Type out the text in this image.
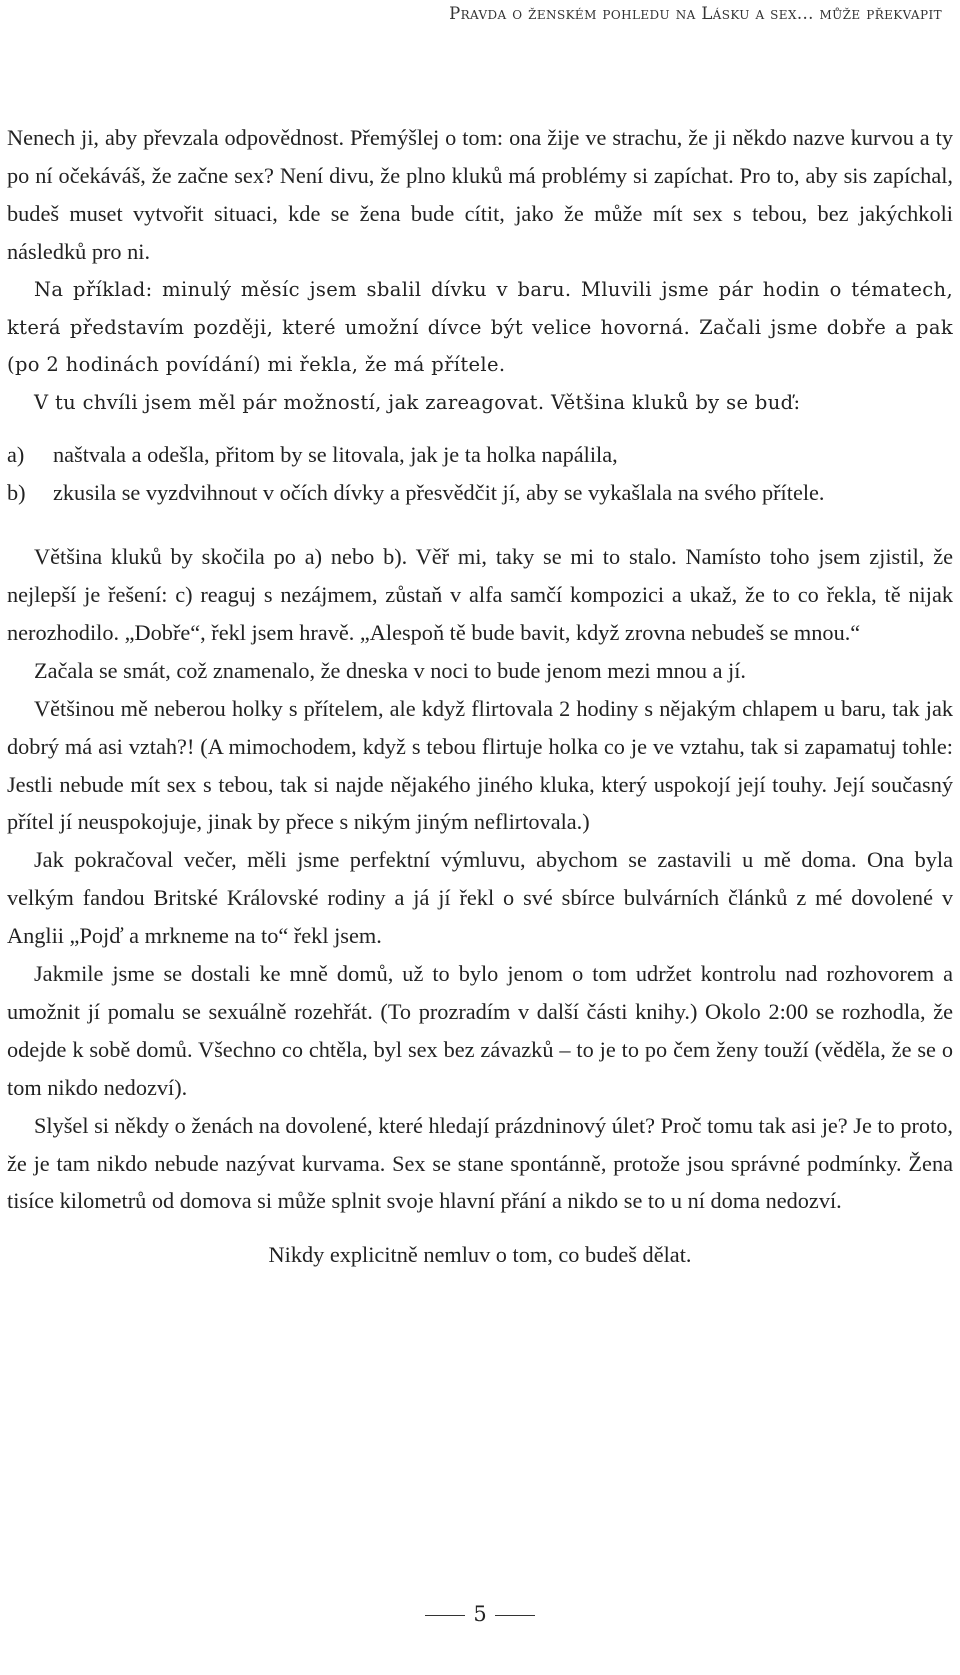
Pravda o ženském pohledu na Lásku a sex... může překvapit

Nenech ji, aby převzala odpovědnost. Přemýšlej o tom: ona žije ve strachu, že ji někdo nazve kurvou a ty po ní očekáváš, že začne sex? Není divu, že plno kluků má problémy si zapíchat. Pro to, aby sis zapíchal, budeš muset vytvořit situaci, kde se žena bude cítit, jako že může mít sex s tebou, bez jakýchkoli následků pro ni.

Na příklad: minulý měsíc jsem sbalil dívku v baru. Mluvili jsme pár hodin o tématech, která představím později, které umožní dívce být velice hovorná. Začali jsme dobře a pak (po 2 hodinách povídání) mi řekla, že má přítele.

V tu chvíli jsem měl pár možností, jak zareagovat. Většina kluků by se buď:

a)	naštvala a odešla, přitom by se litovala, jak je ta holka napálila,
b)	zkusila se vyzdvihnout v očích dívky a přesvědčit jí, aby se vykašlala na svého přítele.

Většina kluků by skočila po a) nebo b). Věř mi, taky se mi to stalo. Namísto toho jsem zjistil, že nejlepší je řešení: c) reaguj s nezájmem, zůstaň v alfa samčí kompozici a ukaž, že to co řekla, tě nijak nerozhodilo. „Dobře“, řekl jsem hravě. „Alespoň tě bude bavit, když zrovna nebudeš se mnou.“

Začala se smát, což znamenalo, že dneska v noci to bude jenom mezi mnou a jí.

Většinou mě neberou holky s přítelem, ale když flirtovala 2 hodiny s nějakým chlapem u baru, tak jak dobrý má asi vztah?! (A mimochodem, když s tebou flirtuje holka co je ve vztahu, tak si zapamatuj tohle: Jestli nebude mít sex s tebou, tak si najde nějakého jiného kluka, který uspokojí její touhy. Její současný přítel jí neuspokojuje, jinak by přece s nikým jiným neflirtovala.)

Jak pokračoval večer, měli jsme perfektní výmluvu, abychom se zastavili u mě doma. Ona byla velkým fandou Britské Královské rodiny a já jí řekl o své sbírce bulvárních článků z mé dovolené v Anglii „Pojď a mrkneme na to“ řekl jsem.

Jakmile jsme se dostali ke mně domů, už to bylo jenom o tom udržet kontrolu nad rozhovorem a umožnit jí pomalu se sexuálně rozehřát. (To prozradím v další části knihy.) Okolo 2:00 se rozhodla, že odejde k sobě domů. Všechno co chtěla, byl sex bez závazků – to je to po čem ženy touží (věděla, že se o tom nikdo nedozví).

Slyšel si někdy o ženách na dovolené, které hledají prázdninový úlet? Proč tomu tak asi je? Je to proto, že je tam nikdo nebude nazývat kurvama. Sex se stane spontánně, protože jsou správné podmínky. Žena tisíce kilometrů od domova si může splnit svoje hlavní přání a nikdo se to u ní doma nedozví.

Nikdy explicitně nemluv o tom, co budeš dělat.

5
